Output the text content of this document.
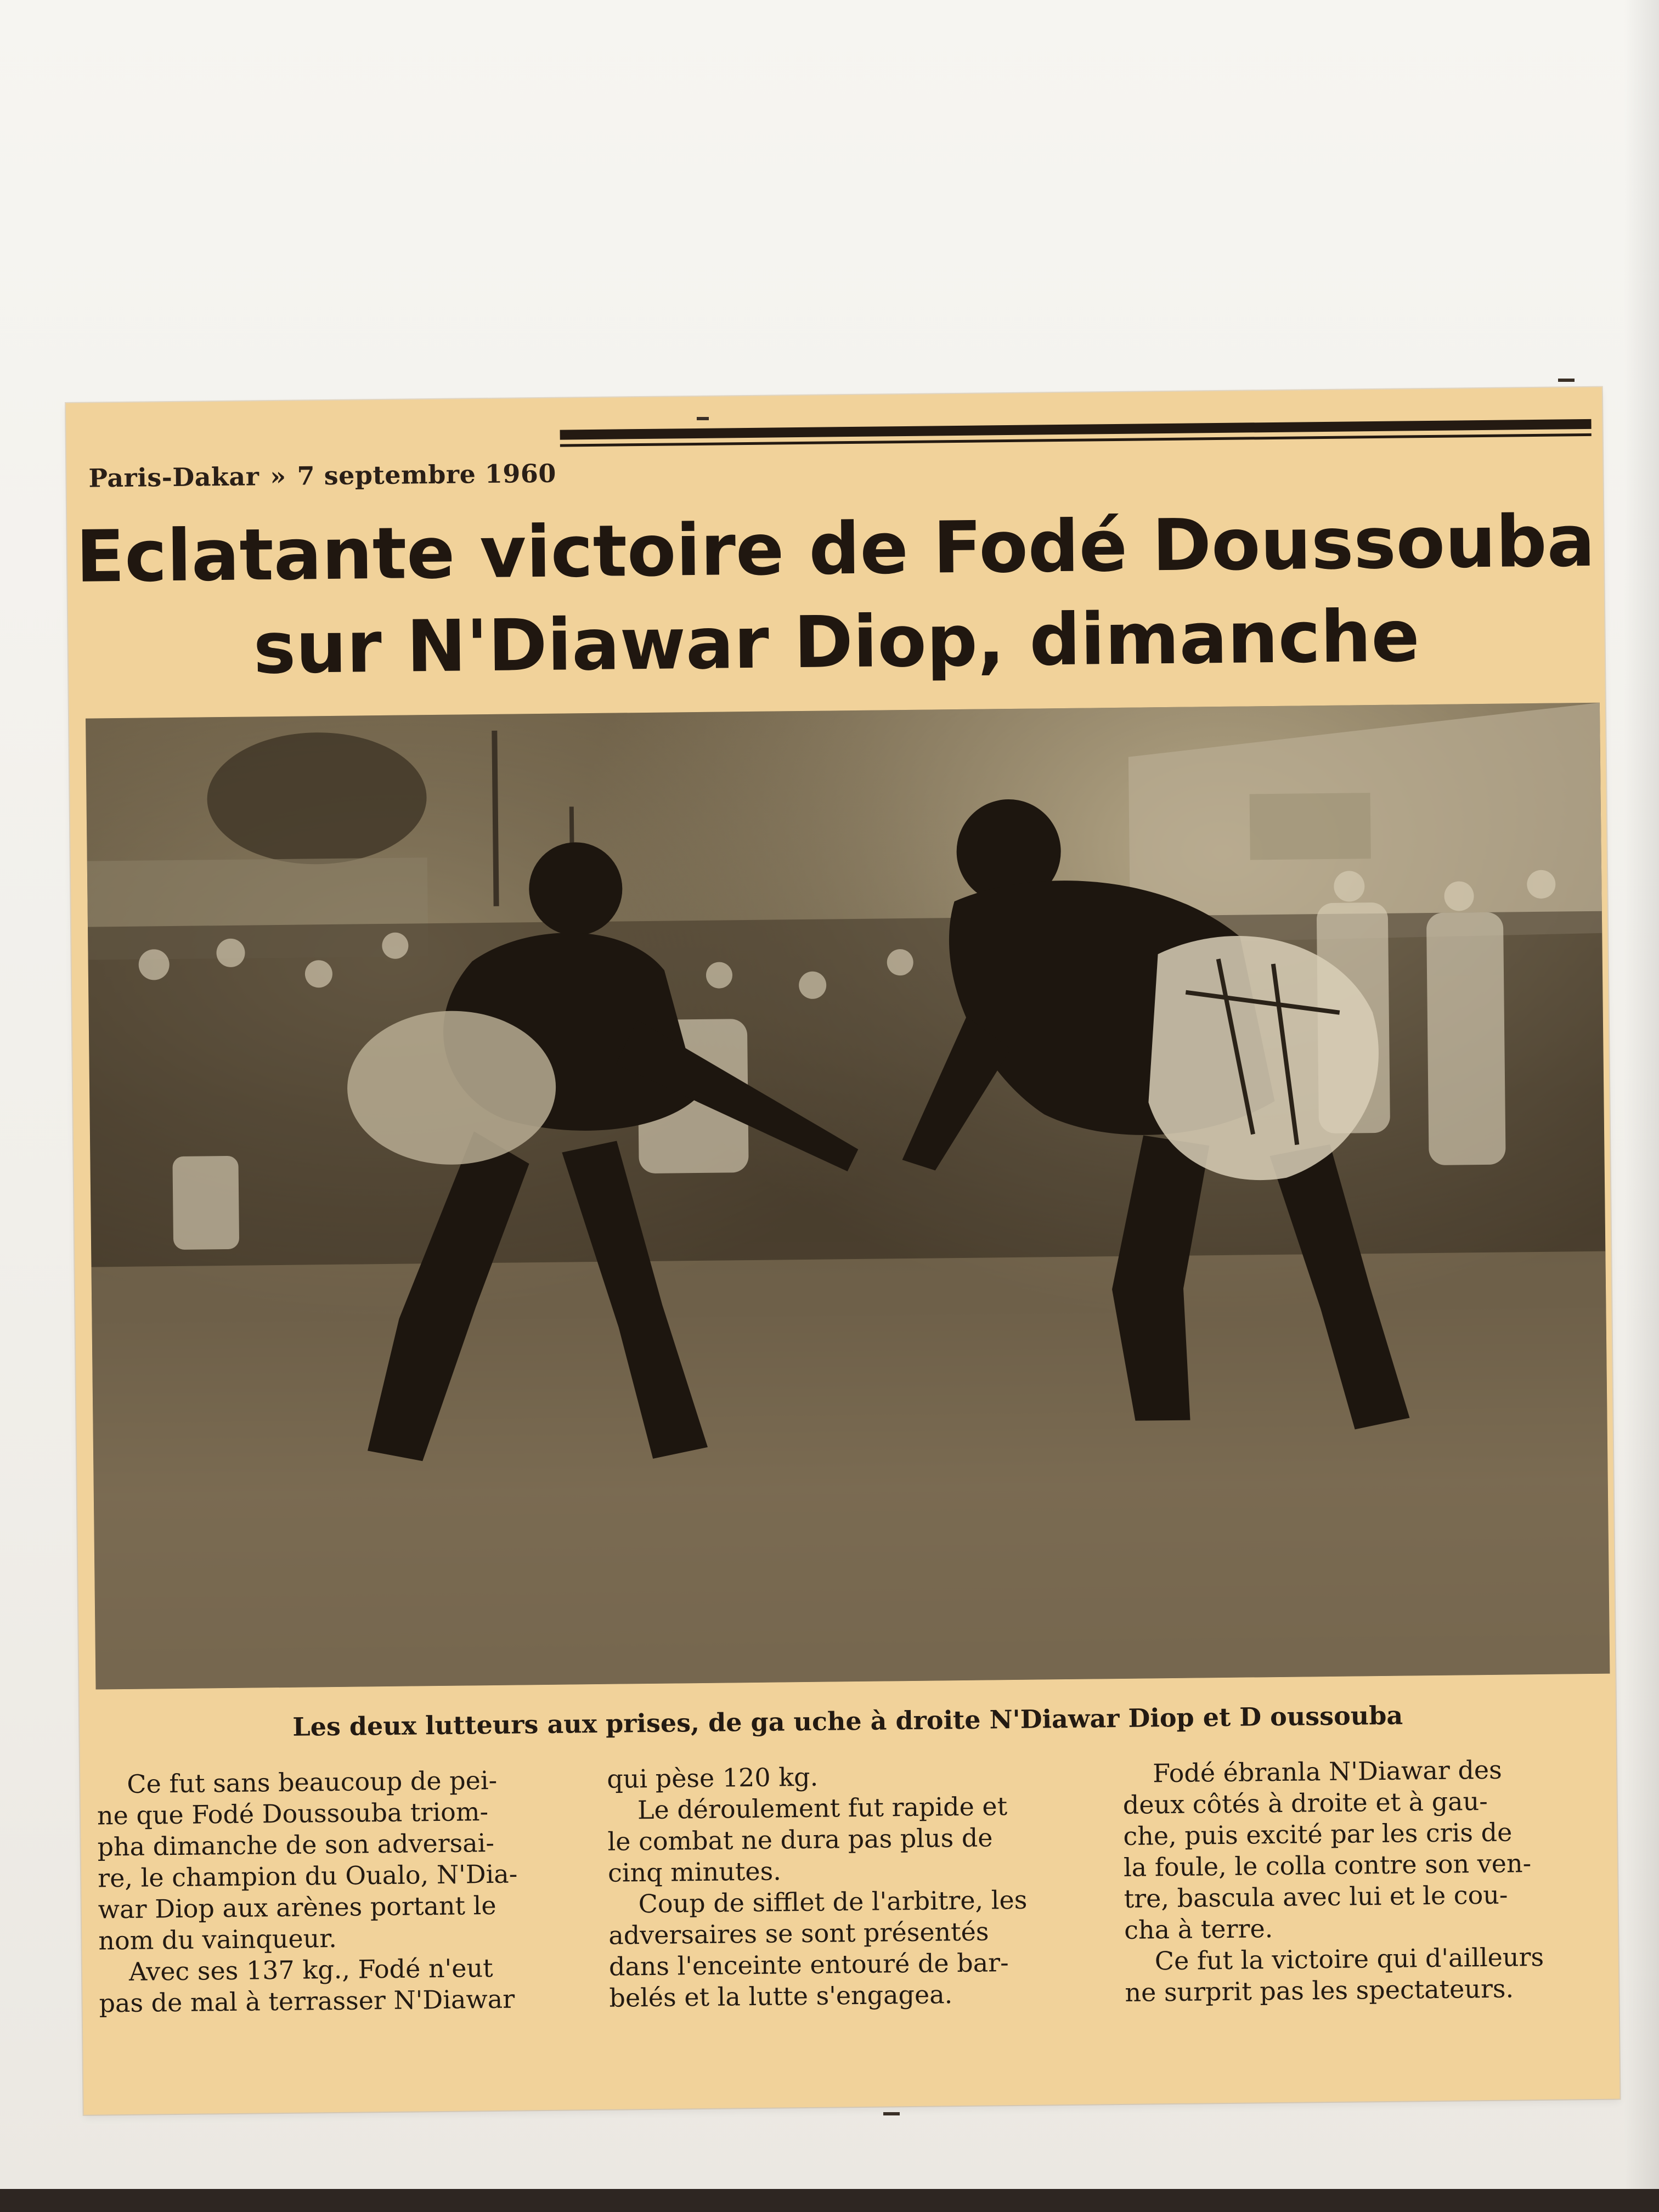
Paris-Dakar » 7 septembre 1960
Eclatante victoire de Fodé Doussouba
sur N'Diawar Diop, dimanche
Les deux lutteurs aux prises, de ga uche à droite N'Diawar Diop et D oussouba

Ce fut sans beaucoup de pei-

ne que Fodé Doussouba triom-
pha dimanche de son adversai-
re, le champion du Oualo, N'Dia-
war Diop aux arènes portant le
nom du vainqueur.

Avec ses 137 kg., Fodé n'eut

pas de mal à terrasser N'Diawar
qui pèse 120 kg.

Le déroulement fut rapide et

le combat ne dura pas plus de
cinq minutes.

Coup de sifflet de l'arbitre, les

adversaires se sont présentés
dans l'enceinte entouré de bar-
belés et la lutte s'engagea.

Fodé ébranla N'Diawar des

deux côtés à droite et à gau-
che, puis excité par les cris de
la foule, le colla contre son ven-
tre, bascula avec lui et le cou-
cha à terre.

Ce fut la victoire qui d'ailleurs

ne surprit pas les spectateurs.
